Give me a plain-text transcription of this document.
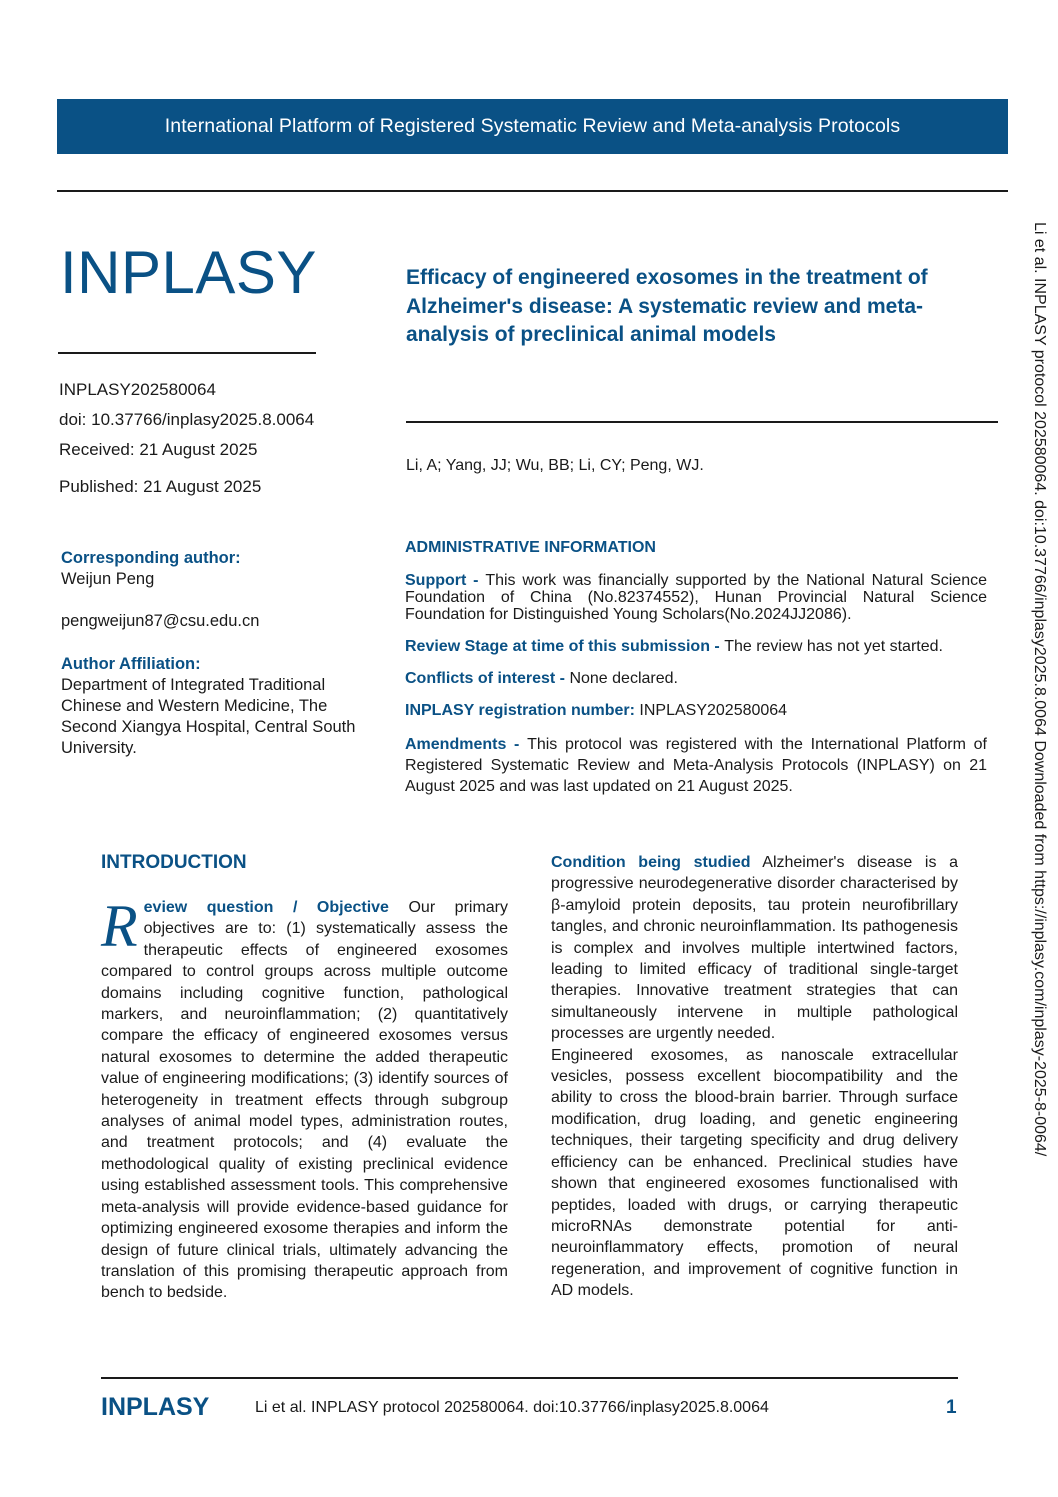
International Platform of Registered Systematic Review and Meta-analysis Protocols
INPLASY	Efficacy of engineered exosomes in the treatment of Alzheimer's disease: A systematic review and meta-analysis of preclinical animal models
Li, A; Yang, JJ; Wu, BB; Li, CY; Peng, WJ.
INPLASY202580064
doi: 10.37766/inplasy2025.8.0064
Received: 21 August 2025
Published: 21 August 2025
Corresponding author:
Weijun Peng
pengweijun87@csu.edu.cn
Author Affiliation:
Department of Integrated Traditional Chinese and Western Medicine, The Second Xiangya Hospital, Central South University.

ADMINISTRATIVE INFORMATION

Support - This work was financially supported by the National Natural Science Foundation of China (No.82374552), Hunan Provincial Natural Science Foundation for Distinguished Young Scholars(No.2024JJ2086).

Review Stage at time of this submission - The review has not yet started.

Conflicts of interest - None declared.

INPLASY registration number: INPLASY202580064

Amendments - This protocol was registered with the International Platform of Registered Systematic Review and Meta-Analysis Protocols (INPLASY) on 21 August 2025 and was last updated on 21 August 2025.

INTRODUCTION

Review question / Objective Our primary objectives are to: (1) systematically assess the therapeutic effects of engineered exosomes compared to control groups across multiple outcome domains including cognitive function, pathological markers, and neuroinflammation; (2) quantitatively compare the efficacy of engineered exosomes versus natural exosomes to determine the added therapeutic value of engineering modifications; (3) identify sources of heterogeneity in treatment effects through subgroup analyses of animal model types, administration routes, and treatment protocols; and (4) evaluate the methodological quality of existing preclinical evidence using established assessment tools. This comprehensive meta-analysis will provide evidence-based guidance for optimizing engineered exosome therapies and inform the design of future clinical trials, ultimately advancing the translation of this promising therapeutic approach from bench to bedside.

Condition being studied Alzheimer's disease is a progressive neurodegenerative disorder characterised by β-amyloid protein deposits, tau protein neurofibrillary tangles, and chronic neuroinflammation. Its pathogenesis is complex and involves multiple intertwined factors, leading to limited efficacy of traditional single-target therapies. Innovative treatment strategies that can simultaneously intervene in multiple pathological processes are urgently needed.

Engineered exosomes, as nanoscale extracellular vesicles, possess excellent biocompatibility and the ability to cross the blood-brain barrier. Through surface modification, drug loading, and genetic engineering techniques, their targeting specificity and drug delivery efficiency can be enhanced. Preclinical studies have shown that engineered exosomes functionalised with peptides, loaded with drugs, or carrying therapeutic microRNAs demonstrate potential for anti-neuroinflammatory effects, promotion of neural regeneration, and improvement of cognitive function in AD models.

INPLASY	Li et al. INPLASY protocol 202580064. doi:10.37766/inplasy2025.8.0064	1
Li et al. INPLASY protocol 202580064. doi:10.37766/inplasy2025.8.0064 Downloaded from https://inplasy.com/inplasy-2025-8-0064/
